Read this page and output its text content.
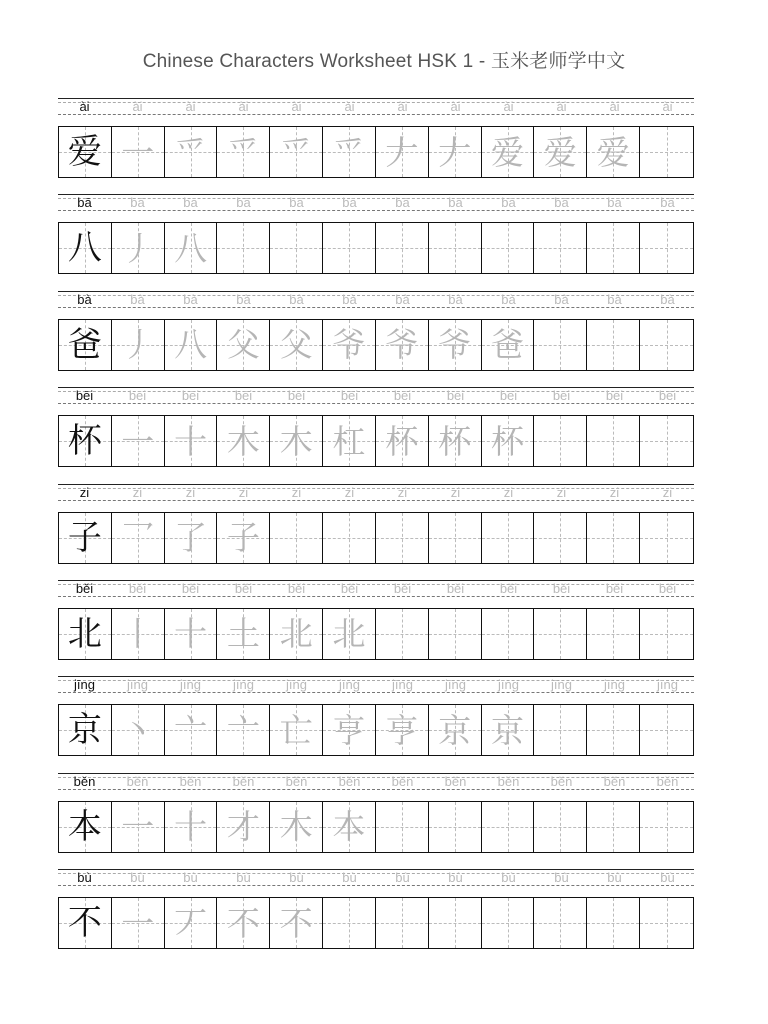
Chinese Characters Worksheet HSK 1 - 玉米老师学中文
ài	ài	ài	ài	ài	ài	ài	ài	ài	ài	ài	ài
爱 一 爫 爫 爫 爫 𠂇 𠂇 爱 爱 爱
bā	bā	bā	bā	bā	bā	bā	bā	bā	bā	bā	bā
八 丿 八
bà	bà	bà	bà	bà	bà	bà	bà	bà	bà	bà	bà
爸 丿 八 父 父 爷 爷 爷 爸
bēi	bēi	bēi	bēi	bēi	bēi	bēi	bēi	bēi	bēi	bēi	bēi
杯 一 十 木 木 杠 杯 杯 杯
zi	zi	zi	zi	zi	zi	zi	zi	zi	zi	zi	zi
子 乛 了 子
běi	běi	běi	běi	běi	běi	běi	běi	běi	běi	běi	běi
北 丨 十 土 北 北
jīng	jīng	jīng	jīng	jīng	jīng	jīng	jīng	jīng	jīng	jīng	jīng
京 丶 亠 亠 亡 亨 亨 京 京
běn	běn	běn	běn	běn	běn	běn	běn	běn	běn	běn	běn
本 一 十 才 木 本
bù	bù	bù	bù	bù	bù	bù	bù	bù	bù	bù	bù
不 一 丆 不 不
